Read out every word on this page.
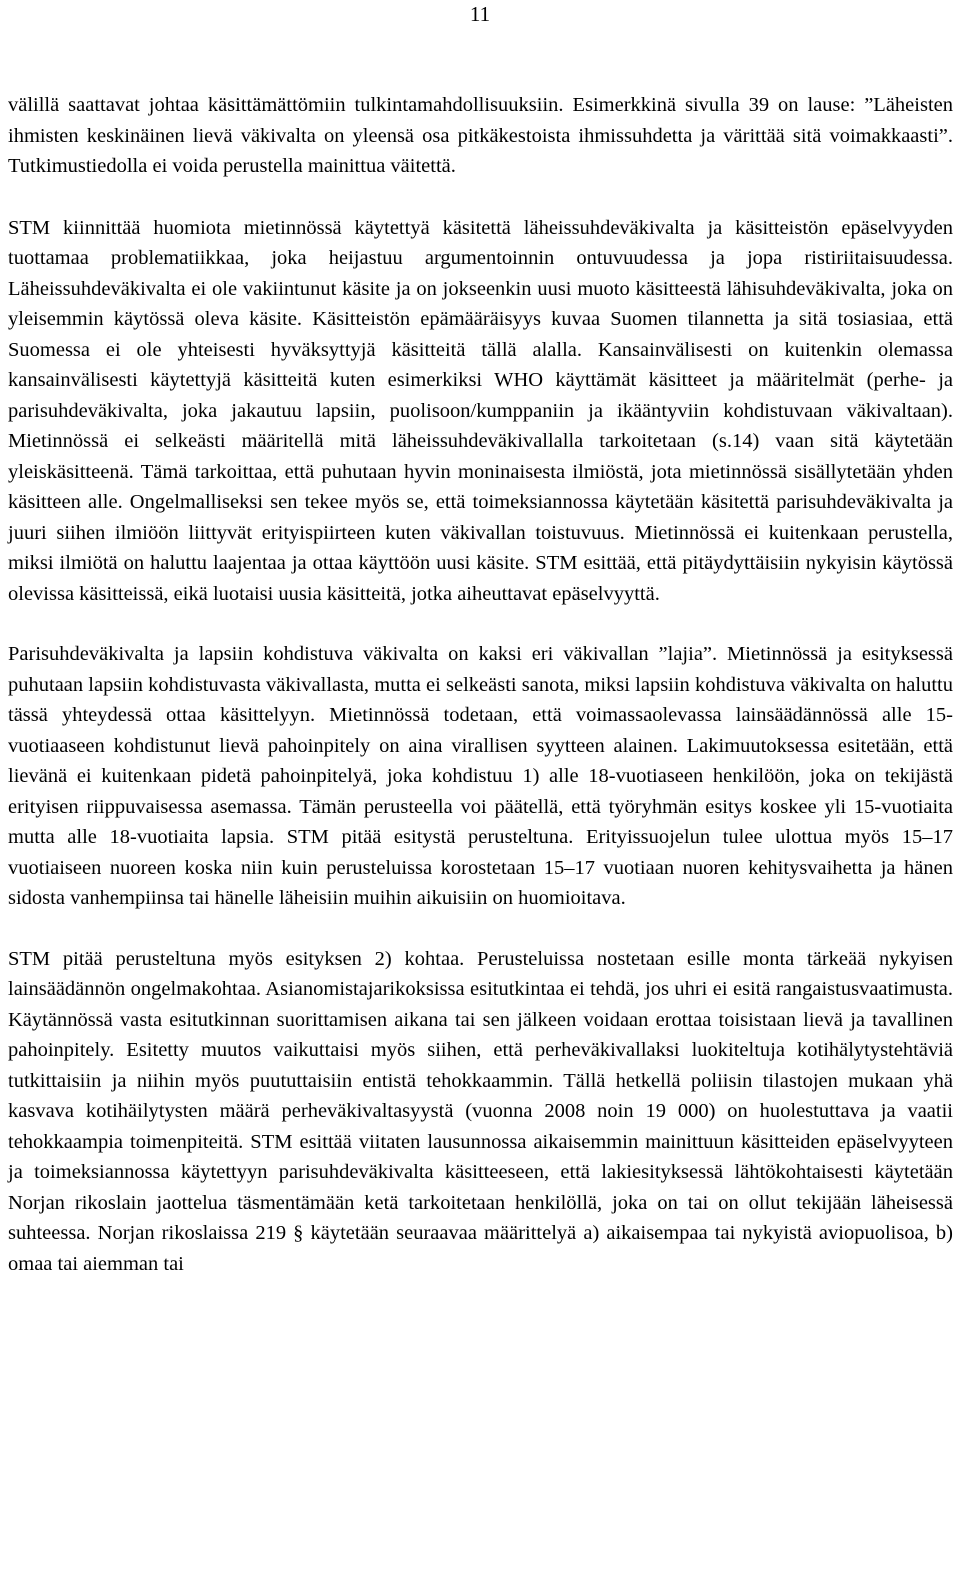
11

välillä saattavat johtaa käsittämättömiin tulkintamahdollisuuksiin. Esimerkkinä sivulla 39 on lause: ”Läheisten ihmisten keskinäinen lievä väkivalta on yleensä osa pitkäkestoista ihmissuhdetta ja värittää sitä voimakkaasti”. Tutkimustiedolla ei voida perustella mainittua väitettä.

STM kiinnittää huomiota mietinnössä käytettyä käsitettä läheissuhdeväkivalta ja käsitteistön epäselvyyden tuottamaa problematiikkaa, joka heijastuu argumentoinnin ontuvuudessa ja jopa ristiriitaisuudessa. Läheissuhdeväkivalta ei ole vakiintunut käsite ja on jokseenkin uusi muoto käsitteestä lähisuhdeväkivalta, joka on yleisemmin käytössä oleva käsite. Käsitteistön epämääräisyys kuvaa Suomen tilannetta ja sitä tosiasiaa, että Suomessa ei ole yhteisesti hyväksyttyjä käsitteitä tällä alalla. Kansainvälisesti on kuitenkin olemassa kansainvälisesti käytettyjä käsitteitä kuten esimerkiksi WHO käyttämät käsitteet ja määritelmät (perhe- ja parisuhdeväkivalta, joka jakautuu lapsiin, puolisoon/kumppaniin ja ikääntyviin kohdistuvaan väkivaltaan). Mietinnössä ei selkeästi määritellä mitä läheissuhdeväkivallalla tarkoitetaan (s.14) vaan sitä käytetään yleiskäsitteenä. Tämä tarkoittaa, että puhutaan hyvin moninaisesta ilmiöstä, jota mietinnössä sisällytetään yhden käsitteen alle. Ongelmalliseksi sen tekee myös se, että toimeksiannossa käytetään käsitettä parisuhdeväkivalta ja juuri siihen ilmiöön liittyvät erityispiirteen kuten väkivallan toistuvuus. Mietinnössä ei kuitenkaan perustella, miksi ilmiötä on haluttu laajentaa ja ottaa käyttöön uusi käsite. STM esittää, että pitäydyttäisiin nykyisin käytössä olevissa käsitteissä, eikä luotaisi uusia käsitteitä, jotka aiheuttavat epäselvyyttä.

Parisuhdeväkivalta ja lapsiin kohdistuva väkivalta on kaksi eri väkivallan ”lajia”. Mietinnössä ja esityksessä puhutaan lapsiin kohdistuvasta väkivallasta, mutta ei selkeästi sanota, miksi lapsiin kohdistuva väkivalta on haluttu tässä yhteydessä ottaa käsittelyyn. Mietinnössä todetaan, että voimassaolevassa lainsäädännössä alle 15-vuotiaaseen kohdistunut lievä pahoinpitely on aina virallisen syytteen alainen. Lakimuutoksessa esitetään, että lievänä ei kuitenkaan pidetä pahoinpitelyä, joka kohdistuu 1) alle 18-vuotiaseen henkilöön, joka on tekijästä erityisen riippuvaisessa asemassa. Tämän perusteella voi päätellä, että työryhmän esitys koskee yli 15-vuotiaita mutta alle 18-vuotiaita lapsia. STM pitää esitystä perusteltuna. Erityissuojelun tulee ulottua myös 15–17 vuotiaiseen nuoreen koska niin kuin perusteluissa korostetaan 15–17 vuotiaan nuoren kehitysvaihetta ja hänen sidosta vanhempiinsa tai hänelle läheisiin muihin aikuisiin on huomioitava.

STM pitää perusteltuna myös esityksen 2) kohtaa. Perusteluissa nostetaan esille monta tärkeää nykyisen lainsäädännön ongelmakohtaa. Asianomistajarikoksissa esitutkintaa ei tehdä, jos uhri ei esitä rangaistusvaatimusta. Käytännössä vasta esitutkinnan suorittamisen aikana tai sen jälkeen voidaan erottaa toisistaan lievä ja tavallinen pahoinpitely. Esitetty muutos vaikuttaisi myös siihen, että perheväkivallaksi luokiteltuja kotihälytystehtäviä tutkittaisiin ja niihin myös puututtaisiin entistä tehokkaammin. Tällä hetkellä poliisin tilastojen mukaan yhä kasvava kotihäilytysten määrä perheväkivaltasyystä (vuonna 2008 noin 19 000) on huolestuttava ja vaatii tehokkaampia toimenpiteitä. STM esittää viitaten lausunnossa aikaisemmin mainittuun käsitteiden epäselvyyteen ja toimeksiannossa käytettyyn parisuhdeväkivalta käsitteeseen, että lakiesityksessä lähtökohtaisesti käytetään Norjan rikoslain jaottelua täsmentämään ketä tarkoitetaan henkilöllä, joka on tai on ollut tekijään läheisessä suhteessa. Norjan rikoslaissa 219 § käytetään seuraavaa määrittelyä a) aikaisempaa tai nykyistä aviopuolisoa, b) omaa tai aiemman tai
